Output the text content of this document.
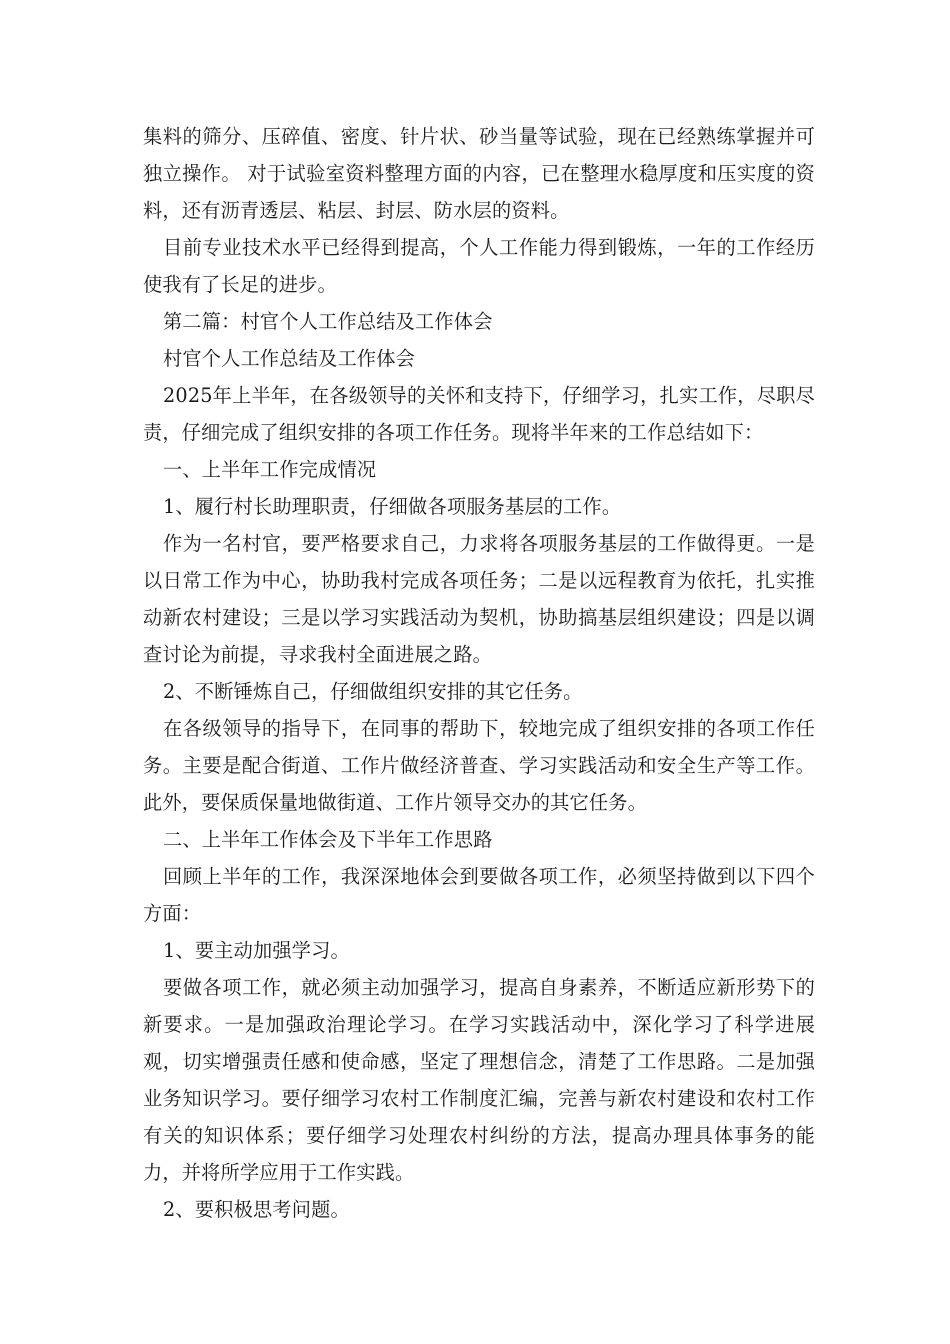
集料的筛分、压碎值、密度、针片状、砂当量等试验，现在已经熟练掌握并可独立操作。 对于试验室资料整理方面的内容，已在整理水稳厚度和压实度的资料，还有沥青透层、粘层、封层、防水层的资料。

目前专业技术水平已经得到提高，个人工作能力得到锻炼，一年的工作经历使我有了长足的进步。

第二篇：村官个人工作总结及工作体会

村官个人工作总结及工作体会

2025年上半年，在各级领导的关怀和支持下，仔细学习，扎实工作，尽职尽责，仔细完成了组织安排的各项工作任务。现将半年来的工作总结如下：

一、上半年工作完成情况

1、履行村长助理职责，仔细做各项服务基层的工作。

作为一名村官，要严格要求自己，力求将各项服务基层的工作做得更。一是以日常工作为中心，协助我村完成各项任务；二是以远程教育为依托，扎实推动新农村建设；三是以学习实践活动为契机，协助搞基层组织建设；四是以调查讨论为前提，寻求我村全面进展之路。

2、不断锤炼自己，仔细做组织安排的其它任务。

在各级领导的指导下，在同事的帮助下，较地完成了组织安排的各项工作任务。主要是配合街道、工作片做经济普查、学习实践活动和安全生产等工作。此外，要保质保量地做街道、工作片领导交办的其它任务。

二、上半年工作体会及下半年工作思路

回顾上半年的工作，我深深地体会到要做各项工作，必须坚持做到以下四个方面：

1、要主动加强学习。

要做各项工作，就必须主动加强学习，提高自身素养，不断适应新形势下的新要求。一是加强政治理论学习。在学习实践活动中，深化学习了科学进展观，切实增强责任感和使命感，坚定了理想信念，清楚了工作思路。二是加强业务知识学习。要仔细学习农村工作制度汇编，完善与新农村建设和农村工作有关的知识体系；要仔细学习处理农村纠纷的方法，提高办理具体事务的能力，并将所学应用于工作实践。

2、要积极思考问题。
